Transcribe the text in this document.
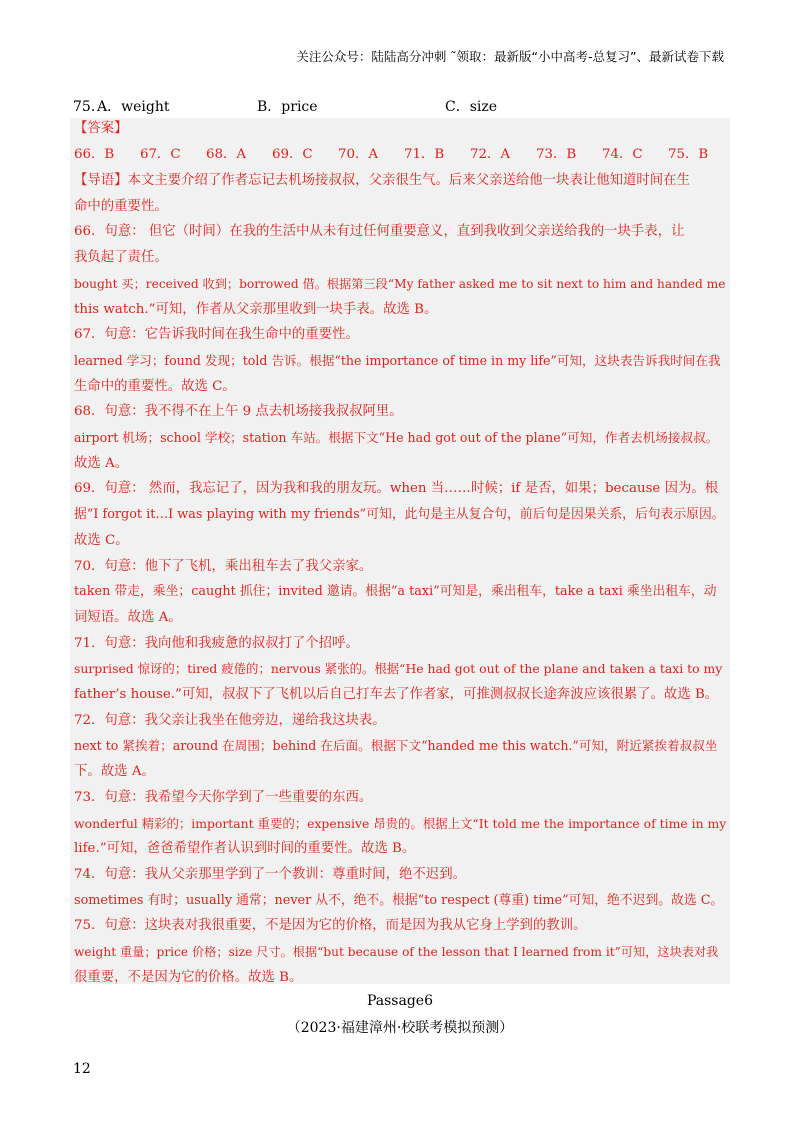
关注公众号：陆陆高分冲刺 ˜领取：最新版“小中高考-总复习”、最新试卷下载
75．
A．weight	B．price	C．size
【答案】
66．B 67．C 68．A 69．C 70．A 71．B 72．A 73．B 74．C 75．B
【导语】本文主要介绍了作者忘记去机场接叔叔，父亲很生气。后来父亲送给他一块表让他知道时间在生
命中的重要性。
66．句意： 但它（时间）在我的生活中从未有过任何重要意义，直到我收到父亲送给我的一块手表，让
我负起了责任。
bought 买；received 收到；borrowed 借。根据第三段“My father asked me to sit next to him and handed me
this watch.”可知，作者从父亲那里收到一块手表。故选 B。
67．句意：它告诉我时间在我生命中的重要性。
learned 学习；found 发现；told 告诉。根据“the importance of time in my life”可知，这块表告诉我时间在我
生命中的重要性。故选 C。
68．句意：我不得不在上午 9 点去机场接我叔叔阿里。
airport 机场；school 学校；station 车站。根据下文“He had got out of the plane”可知，作者去机场接叔叔。
故选 A。
69．句意： 然而，我忘记了，因为我和我的朋友玩。when 当……时候；if 是否，如果；because 因为。根
据“I forgot it…I was playing with my friends”可知，此句是主从复合句，前后句是因果关系，后句表示原因。
故选 C。
70．句意：他下了飞机，乘出租车去了我父亲家。
taken 带走，乘坐；caught 抓住；invited 邀请。根据“a taxi”可知是，乘出租车，take a taxi 乘坐出租车，动
词短语。故选 A。
71．句意：我向他和我疲惫的叔叔打了个招呼。
surprised 惊讶的；tired 疲倦的；nervous 紧张的。根据“He had got out of the plane and taken a taxi to my
father’s house.”可知，叔叔下了飞机以后自己打车去了作者家，可推测叔叔长途奔波应该很累了。故选 B。
72．句意：我父亲让我坐在他旁边，递给我这块表。
next to 紧挨着；around 在周围；behind 在后面。根据下文“handed me this watch.”可知，附近紧挨着叔叔坐
下。故选 A。
73．句意：我希望今天你学到了一些重要的东西。
wonderful 精彩的；important 重要的；expensive 昂贵的。根据上文“It told me the importance of time in my
life.”可知，爸爸希望作者认识到时间的重要性。故选 B。
74．句意：我从父亲那里学到了一个教训：尊重时间，绝不迟到。
sometimes 有时；usually 通常；never 从不，绝不。根据“to respect (尊重) time”可知，绝不迟到。故选 C。
75．句意：这块表对我很重要，不是因为它的价格，而是因为我从它身上学到的教训。
weight 重量；price 价格；size 尺寸。根据“but because of the lesson that I learned from it”可知，这块表对我
很重要，不是因为它的价格。故选 B。
Passage6
（2023·福建漳州·校联考模拟预测）
12
